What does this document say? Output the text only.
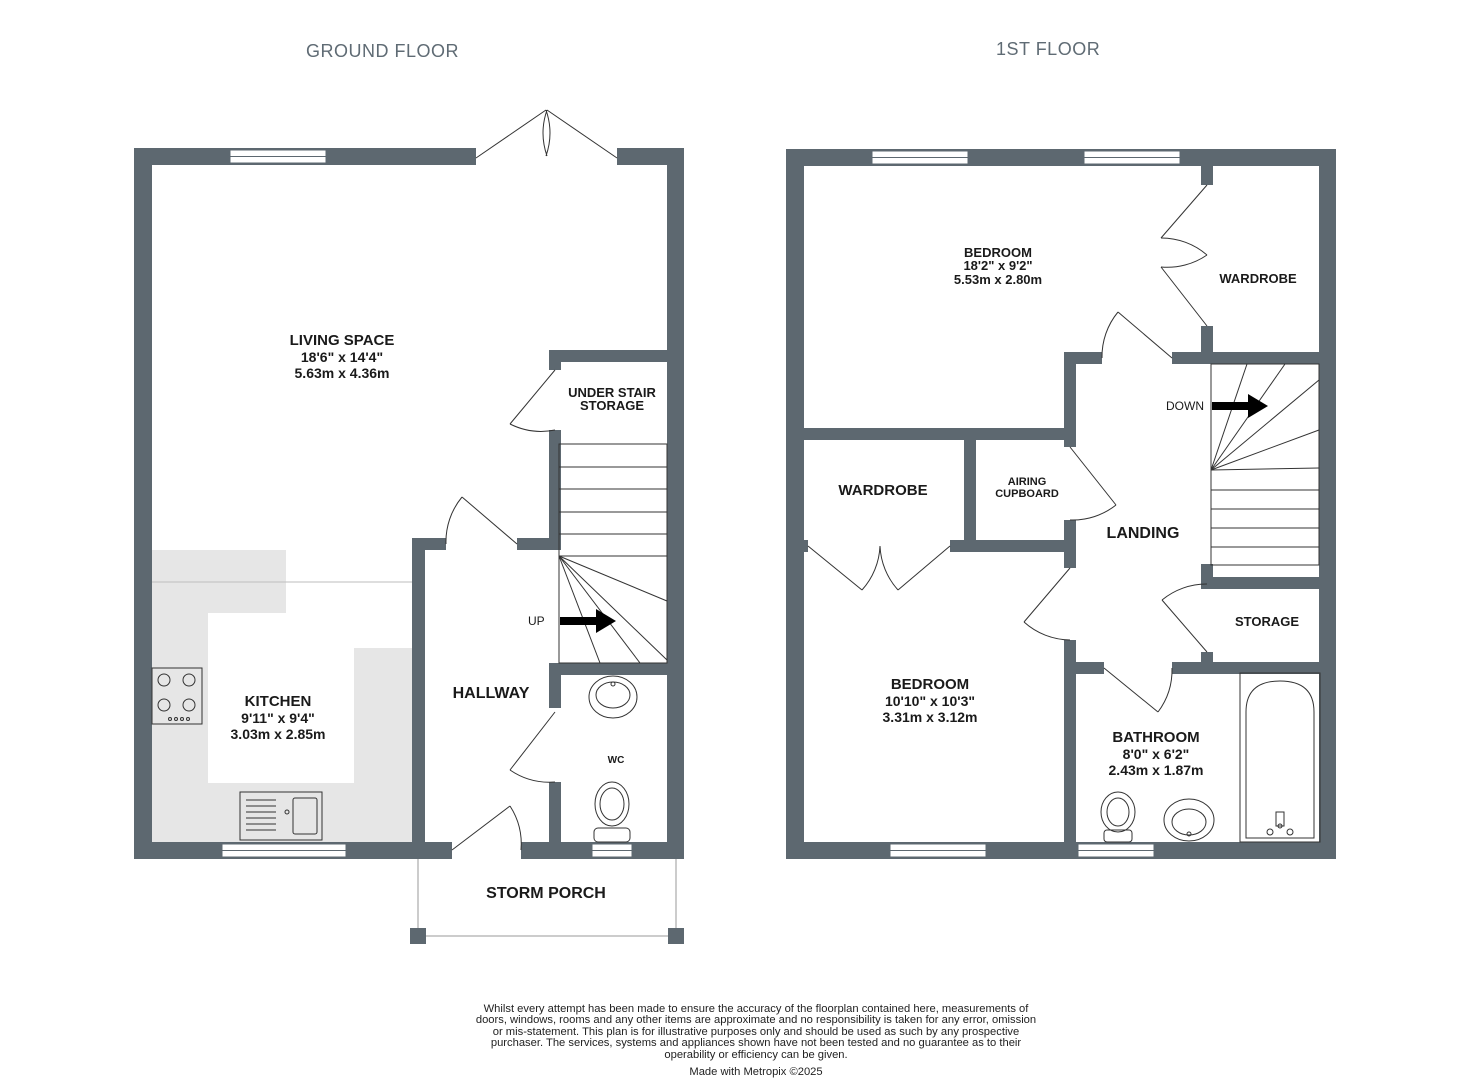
GROUND FLOOR	1ST FLOOR
LIVING SPACE
18'6" x 14'4"
5.63m x 4.36m
KITCHEN
9'11" x 9'4"
3.03m x 2.85m
UNDER STAIR
STORAGE
HALLWAY
WC
STORM PORCH
UP
BEDROOM
18'2" x 9'2"
5.53m x 2.80m	WARDROBE
WARDROBE	AIRING
CUPBOARD
LANDING
STORAGE
BEDROOM
10'10" x 10'3"
3.31m x 3.12m
BATHROOM
8'0" x 6'2"
2.43m x 1.87m
DOWN
Whilst every attempt has been made to ensure the accuracy of the floorplan contained here, measurements of doors, windows, rooms and any other items are approximate and no responsibility is taken for any error, omission or mis-statement. This plan is for illustrative purposes only and should be used as such by any prospective purchaser. The services, systems and appliances shown have not been tested and no guarantee as to their operability or efficiency can be given.
Made with Metropix ©2025
